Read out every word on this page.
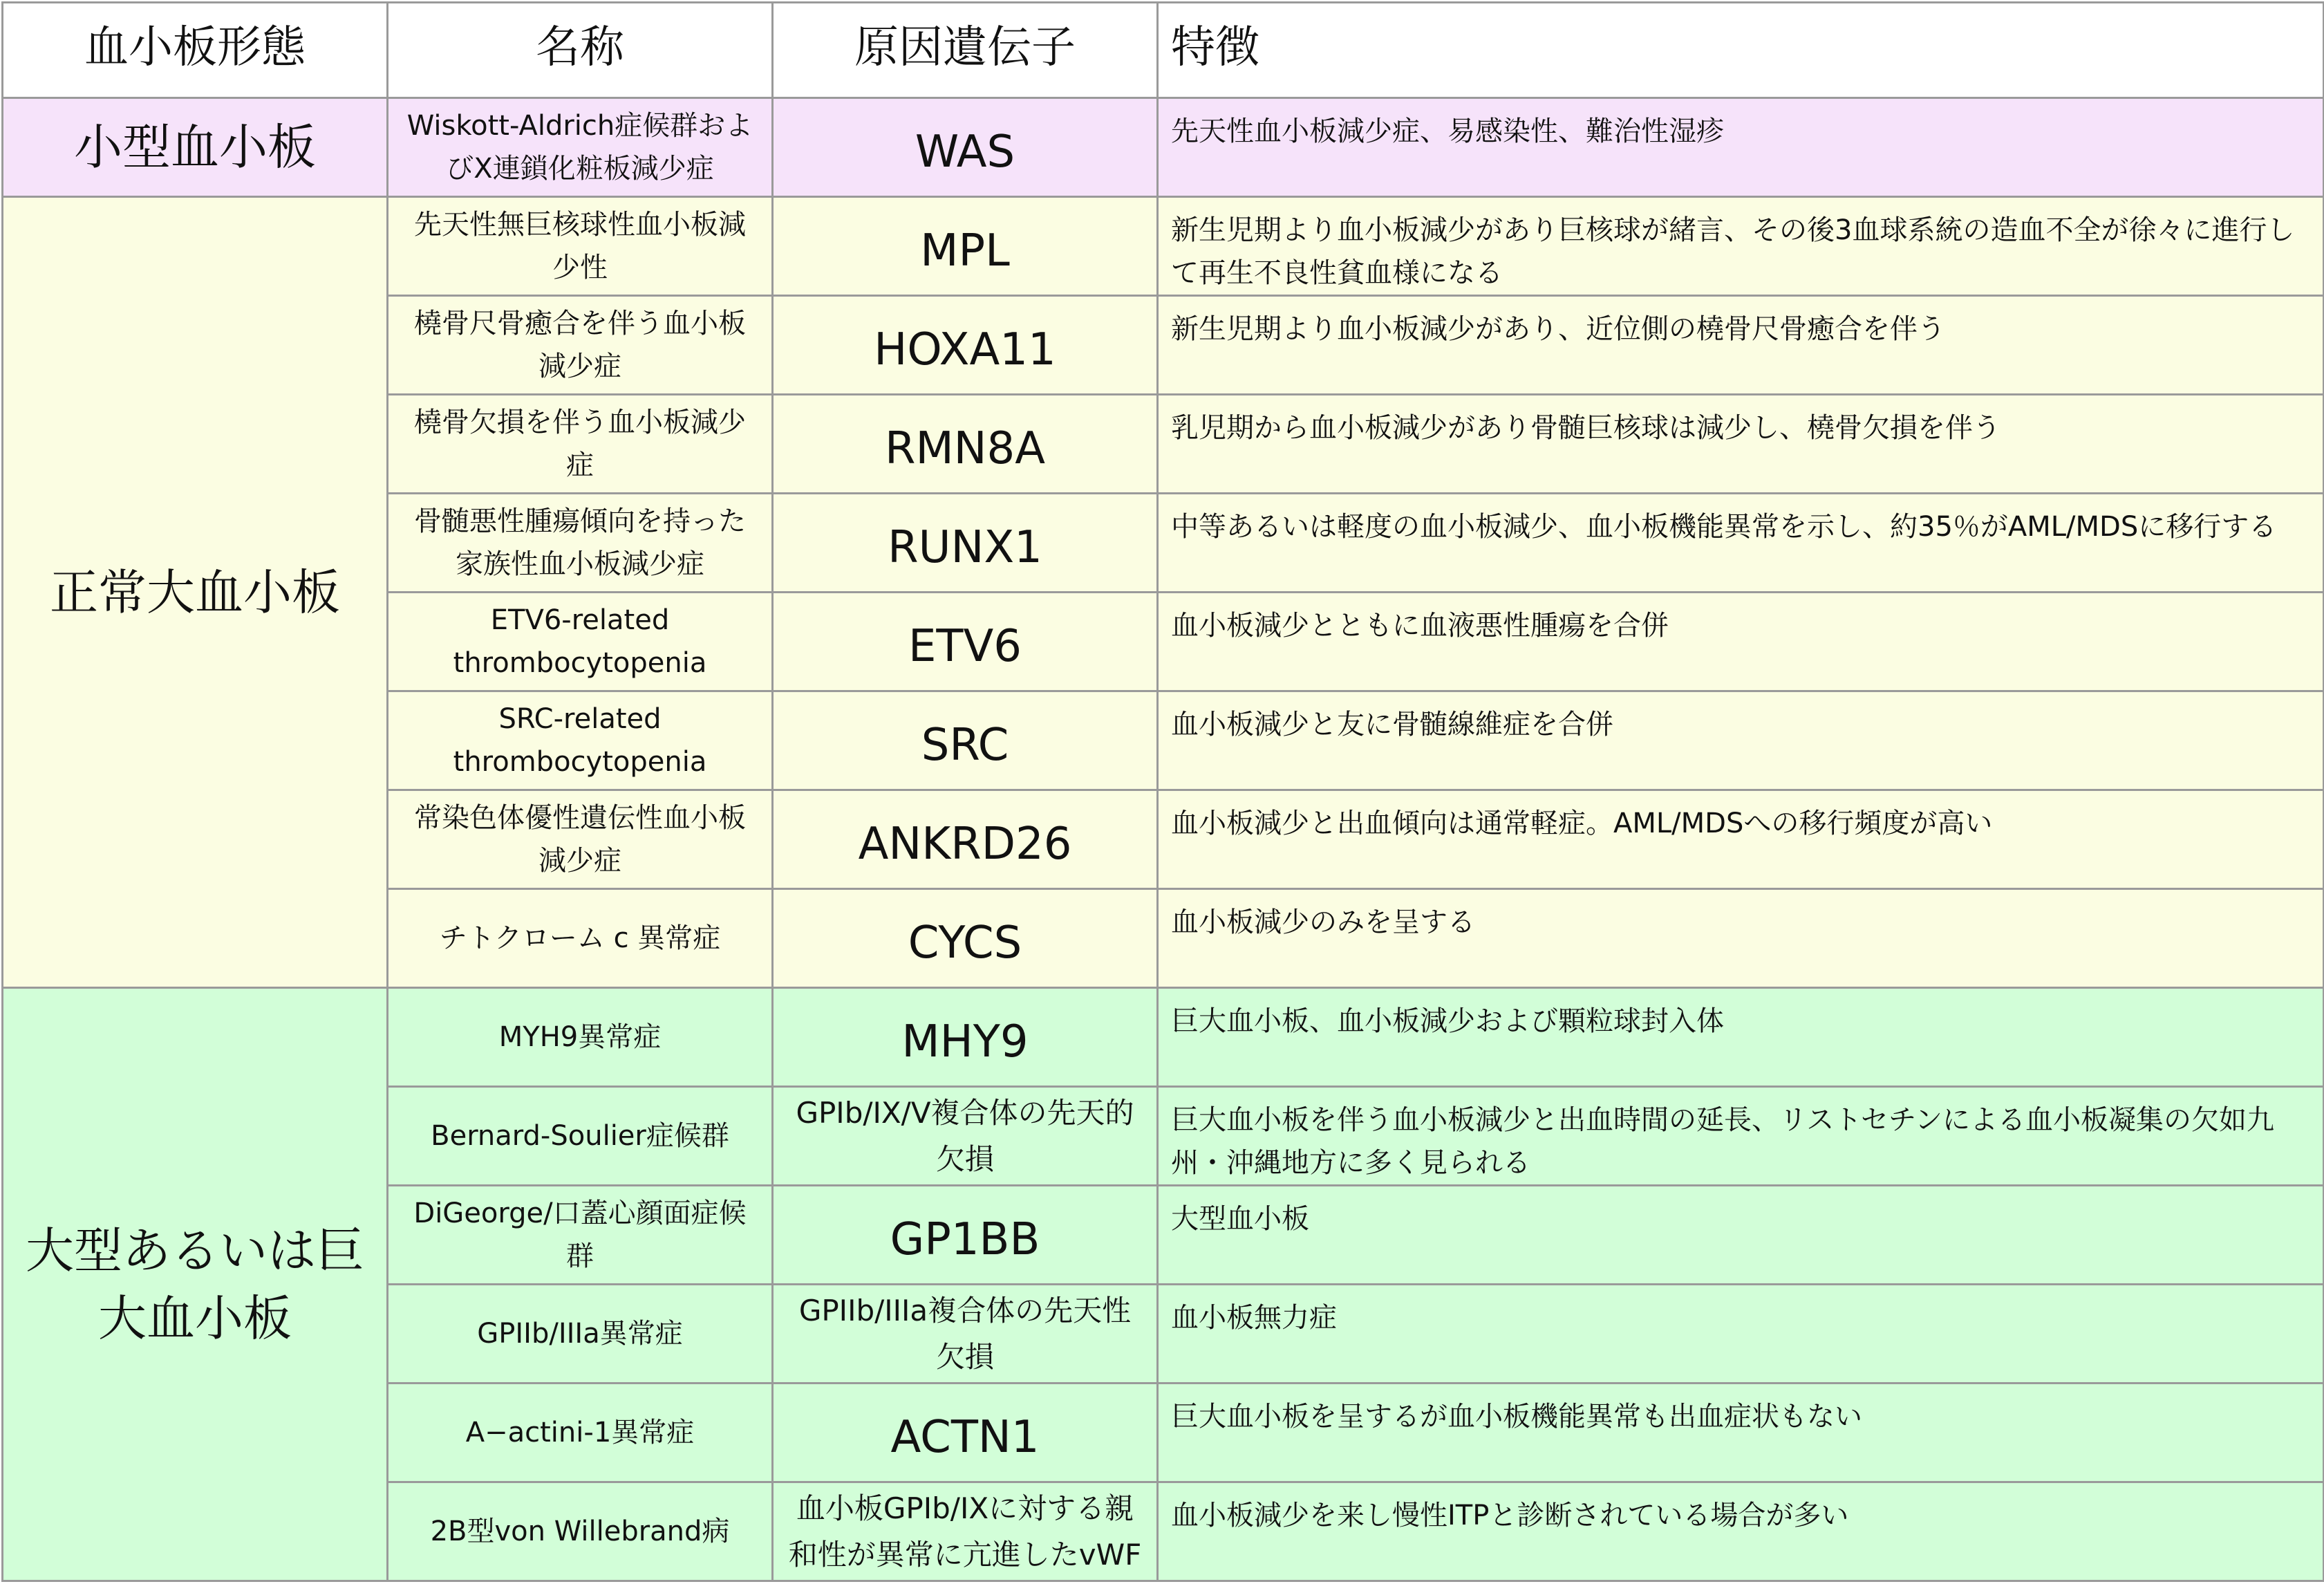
血小板形態	名称	原因遺伝子	特徴
小型血小板	Wiskott-Aldrich症候群およびX連鎖化粧板減少症	WAS	先天性血小板減少症、易感染性、難治性湿疹
正常大血小板	先天性無巨核球性血小板減少性	MPL	新生児期より血小板減少があり巨核球が緒言、その後3血球系統の造血不全が徐々に進行して再生不良性貧血様になる
	橈骨尺骨癒合を伴う血小板減少症	HOXA11	新生児期より血小板減少があり、近位側の橈骨尺骨癒合を伴う
	橈骨欠損を伴う血小板減少症	RMN8A	乳児期から血小板減少があり骨髄巨核球は減少し、橈骨欠損を伴う
	骨髄悪性腫瘍傾向を持った家族性血小板減少症	RUNX1	中等あるいは軽度の血小板減少、血小板機能異常を示し、約35％がAML/MDSに移行する
	ETV6-related thrombocytopenia	ETV6	血小板減少とともに血液悪性腫瘍を合併
	SRC-related thrombocytopenia	SRC	血小板減少と友に骨髄線維症を合併
	常染色体優性遺伝性血小板減少症	ANKRD26	血小板減少と出血傾向は通常軽症。AML/MDSへの移行頻度が高い
	チトクローム c 異常症	CYCS	血小板減少のみを呈する
大型あるいは巨大血小板	MYH9異常症	MHY9	巨大血小板、血小板減少および顆粒球封入体
	Bernard-Soulier症候群	GPIb/IX/V複合体の先天的欠損	巨大血小板を伴う血小板減少と出血時間の延長、リストセチンによる血小板凝集の欠如九州・沖縄地方に多く見られる
	DiGeorge/口蓋心顔面症候群	GP1BB	大型血小板
	GPIIb/IIIa異常症	GPIIb/IIIa複合体の先天性欠損	血小板無力症
	A−actini-1異常症	ACTN1	巨大血小板を呈するが血小板機能異常も出血症状もない
	2B型von Willebrand病	血小板GPIb/IXに対する親和性が異常に亢進したvWF	血小板減少を来し慢性ITPと診断されている場合が多い
